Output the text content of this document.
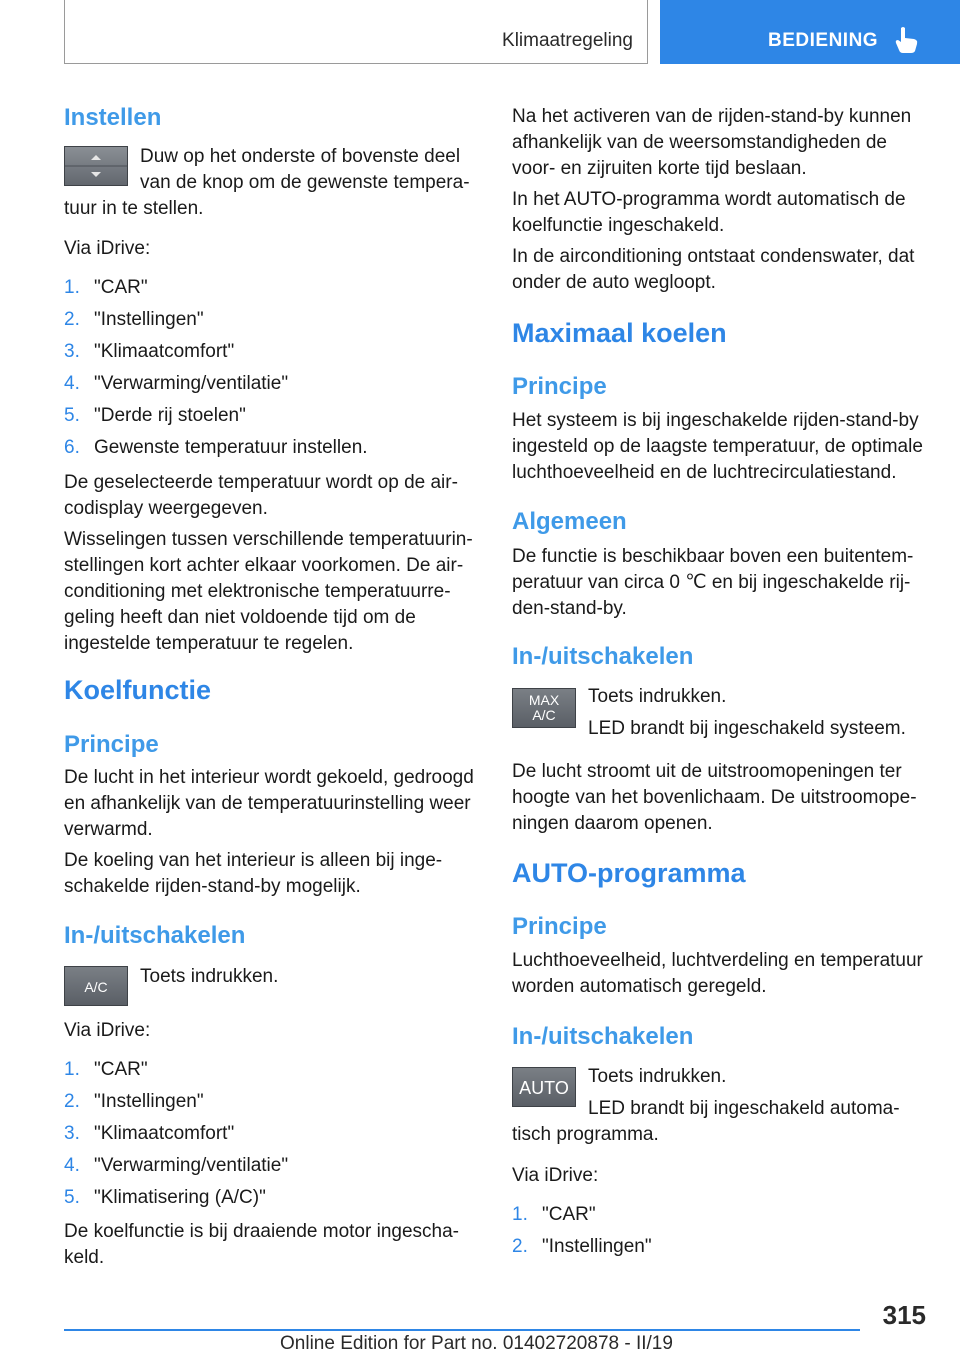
Klimaatregeling	BEDIENING
Instellen
Duw op het onderste of bovenste deel
van de knop om de gewenste tempera-
tuur in te stellen.
Via iDrive:
1. "CAR"
2. "Instellingen"
3. "Klimaatcomfort"
4. "Verwarming/ventilatie"
5. "Derde rij stoelen"
6. Gewenste temperatuur instellen.
De geselecteerde temperatuur wordt op de air-
codisplay weergegeven.
Wisselingen tussen verschillende temperatuurin-
stellingen kort achter elkaar voorkomen. De air-
conditioning met elektronische temperatuurre-
geling heeft dan niet voldoende tijd om de
ingestelde temperatuur te regelen.
Koelfunctie
Principe
De lucht in het interieur wordt gekoeld, gedroogd
en afhankelijk van de temperatuurinstelling weer
verwarmd.
De koeling van het interieur is alleen bij inge-
schakelde rijden-stand-by mogelijk.
In-/uitschakelen
A/C	Toets indrukken.
Via iDrive:
1. "CAR"
2. "Instellingen"
3. "Klimaatcomfort"
4. "Verwarming/ventilatie"
5. "Klimatisering (A/C)"
De koelfunctie is bij draaiende motor ingescha-
keld.
Na het activeren van de rijden-stand-by kunnen
afhankelijk van de weersomstandigheden de
voor- en zijruiten korte tijd beslaan.
In het AUTO-programma wordt automatisch de
koelfunctie ingeschakeld.
In de airconditioning ontstaat condenswater, dat
onder de auto wegloopt.
Maximaal koelen
Principe
Het systeem is bij ingeschakelde rijden-stand-by
ingesteld op de laagste temperatuur, de optimale
luchthoeveelheid en de luchtrecirculatiestand.
Algemeen
De functie is beschikbaar boven een buitentem-
peratuur van circa 0 ℃ en bij ingeschakelde rij-
den-stand-by.
In-/uitschakelen
MAX
A/C
Toets indrukken.
LED brandt bij ingeschakeld systeem.
De lucht stroomt uit de uitstroomopeningen ter
hoogte van het bovenlichaam. De uitstroomope-
ningen daarom openen.
AUTO-programma
Principe
Luchthoeveelheid, luchtverdeling en temperatuur
worden automatisch geregeld.
In-/uitschakelen
AUTO
Toets indrukken.
LED brandt bij ingeschakeld automa-
tisch programma.
Via iDrive:
1. "CAR"
2. "Instellingen"
315
Online Edition for Part no. 01402720878 - II/19
